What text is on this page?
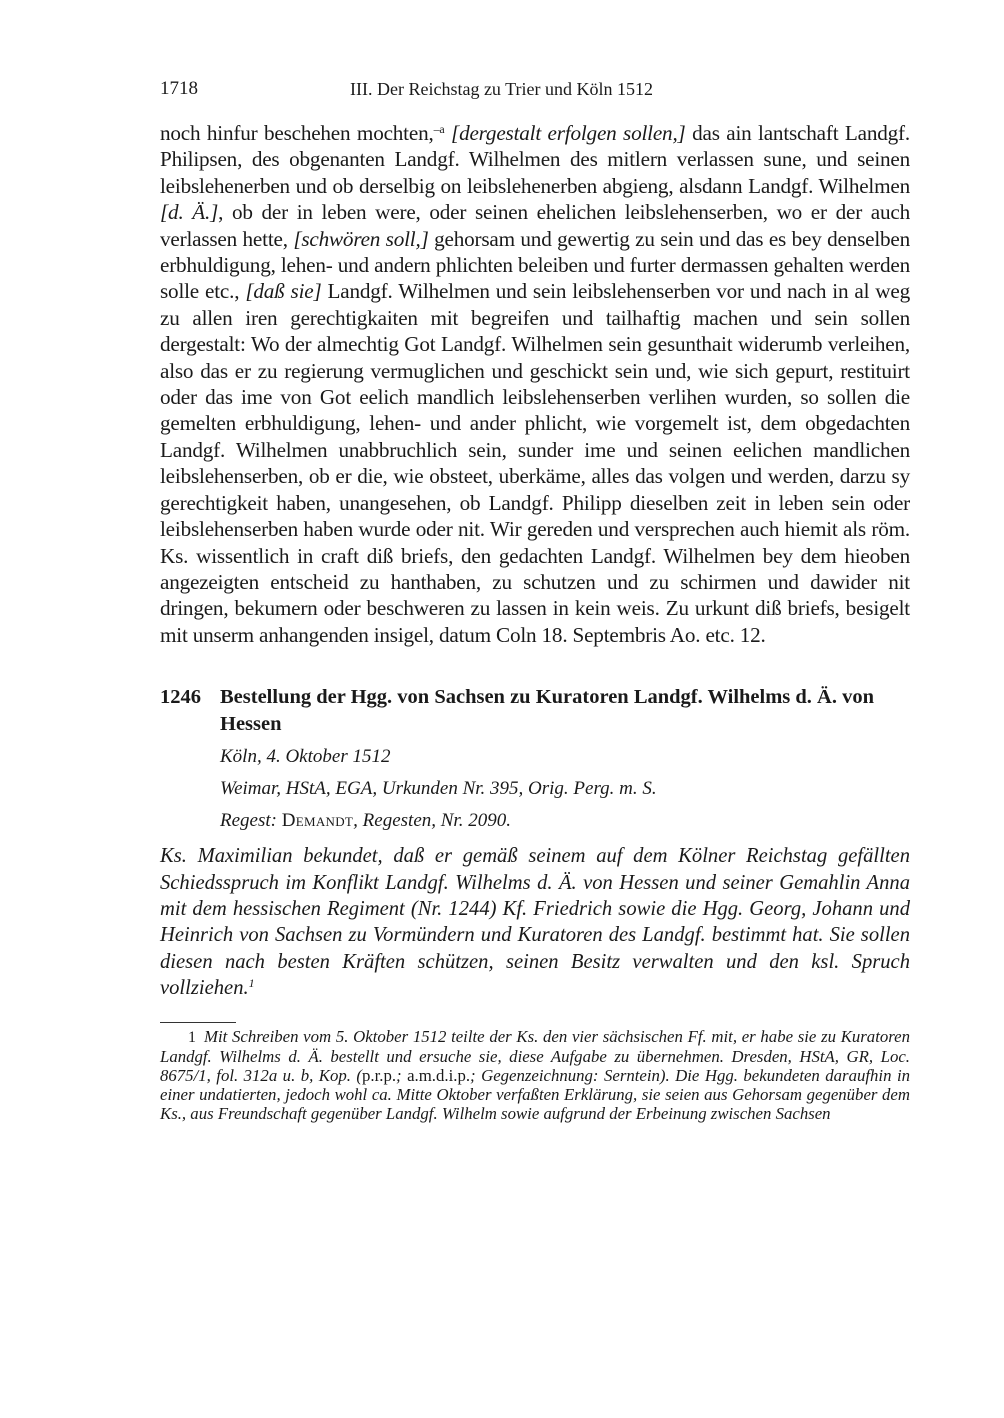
1718	III. Der Reichstag zu Trier und Köln 1512
noch hinfur beschehen mochten,$^{-a}$ [dergestalt erfolgen sollen,] das ain lantschaft Landgf. Philipsen, des obgenanten Landgf. Wilhelmen des mitlern verlassen sune, und seinen leibslehenerben und ob derselbig on leibslehenerben abgieng, alsdann Landgf. Wilhelmen [d. Ä.], ob der in leben were, oder seinen ehelichen leibslehenserben, wo er der auch verlassen hette, [schwören soll,] gehorsam und gewertig zu sein und das es bey denselben erbhuldigung, lehen- und andern phlichten beleiben und furter dermassen gehalten werden solle etc., [daß sie] Landgf. Wilhelmen und sein leibslehenserben vor und nach in al weg zu allen iren gerechtigkaiten mit begreifen und tailhaftig machen und sein sollen dergestalt: Wo der almechtig Got Landgf. Wilhelmen sein gesunthait widerumb verleihen, also das er zu regierung vermuglichen und geschickt sein und, wie sich gepurt, restituirt oder das ime von Got eelich mandlich leibslehenserben verlihen wurden, so sollen die gemelten erbhuldigung, lehen- und ander phlicht, wie vorgemelt ist, dem obgedachten Landgf. Wilhelmen unabbruchlich sein, sunder ime und seinen eelichen mandlichen leibslehenserben, ob er die, wie obsteet, uberkäme, alles das volgen und werden, darzu sy gerechtigkeit haben, unangesehen, ob Landgf. Philipp dieselben zeit in leben sein oder leibslehenserben haben wurde oder nit. Wir gereden und versprechen auch hiemit als röm. Ks. wissentlich in craft diß briefs, den gedachten Landgf. Wilhelmen bey dem hieoben angezeigten entscheid zu hanthaben, zu schutzen und zu schirmen und dawider nit dringen, bekumern oder beschweren zu lassen in kein weis. Zu urkunt diß briefs, besigelt mit unserm anhangenden insigel, datum Coln 18. Septembris Ao. etc. 12.
1246 Bestellung der Hgg. von Sachsen zu Kuratoren Landgf. Wilhelms d. Ä. von Hessen
Köln, 4. Oktober 1512
Weimar, HStA, EGA, Urkunden Nr. 395, Orig. Perg. m. S.
Regest: Demandt, Regesten, Nr. 2090.
Ks. Maximilian bekundet, daß er gemäß seinem auf dem Kölner Reichstag gefällten Schiedsspruch im Konflikt Landgf. Wilhelms d. Ä. von Hessen und seiner Gemahlin Anna mit dem hessischen Regiment (Nr. 1244) Kf. Friedrich sowie die Hgg. Georg, Johann und Heinrich von Sachsen zu Vormündern und Kuratoren des Landgf. bestimmt hat. Sie sollen diesen nach besten Kräften schützen, seinen Besitz verwalten und den ksl. Spruch vollziehen.$^1$
1 Mit Schreiben vom 5. Oktober 1512 teilte der Ks. den vier sächsischen Ff. mit, er habe sie zu Kuratoren Landgf. Wilhelms d. Ä. bestellt und ersuche sie, diese Aufgabe zu übernehmen. Dresden, HStA, GR, Loc. 8675/1, fol. 312a u. b, Kop. (p.r.p.; a.m.d.i.p.; Gegenzeichnung: Serntein). Die Hgg. bekundeten daraufhin in einer undatierten, jedoch wohl ca. Mitte Oktober verfaßten Erklärung, sie seien aus Gehorsam gegenüber dem Ks., aus Freundschaft gegenüber Landgf. Wilhelm sowie aufgrund der Erbeinung zwischen Sachsen
